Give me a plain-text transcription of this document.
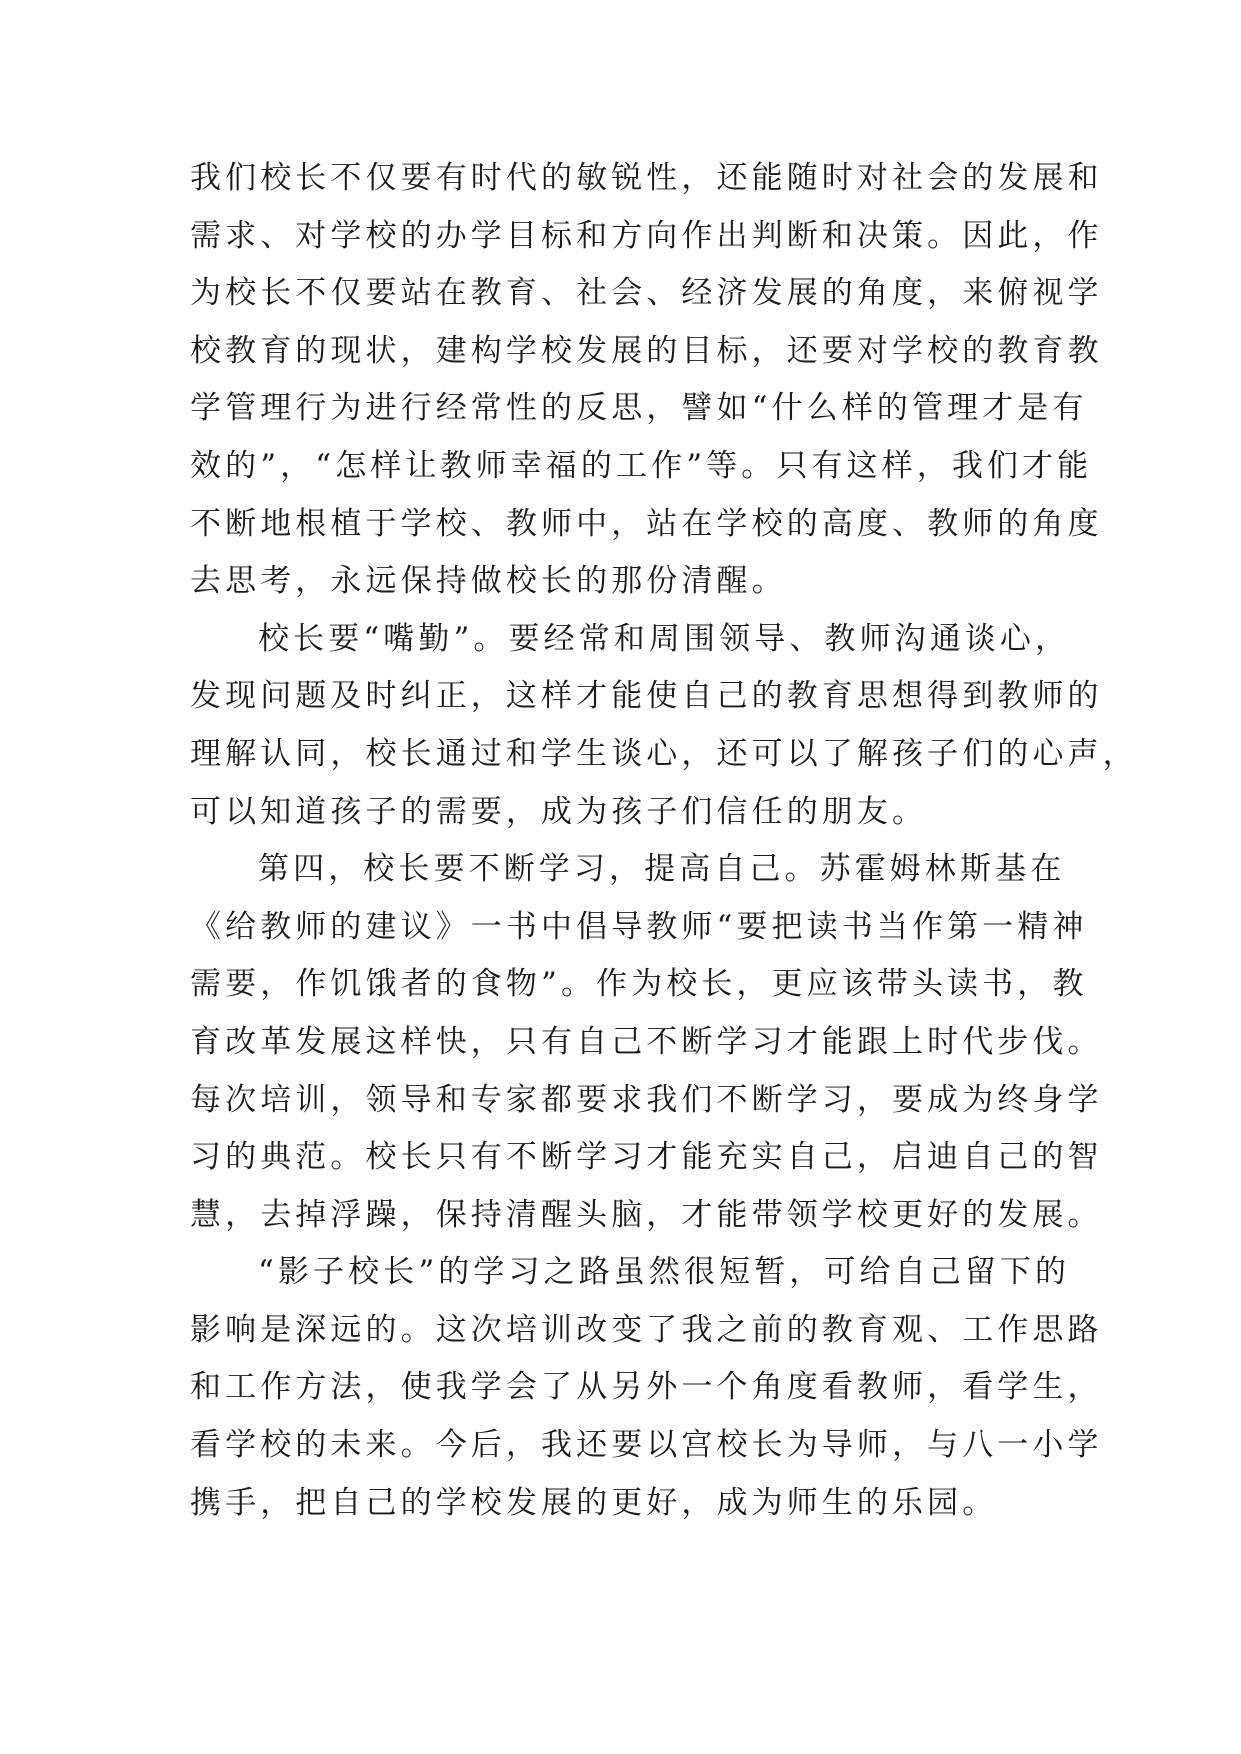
我们校长不仅要有时代的敏锐性，还能随时对社会的发展和
需求、对学校的办学目标和方向作出判断和决策。因此，作
为校长不仅要站在教育、社会、经济发展的角度，来俯视学
校教育的现状，建构学校发展的目标，还要对学校的教育教
学管理行为进行经常性的反思，譬如“什么样的管理才是有
效的”，“怎样让教师幸福的工作”等。只有这样，我们才能
不断地根植于学校、教师中，站在学校的高度、教师的角度
去思考，永远保持做校长的那份清醒。
校长要“嘴勤”。要经常和周围领导、教师沟通谈心，
发现问题及时纠正，这样才能使自己的教育思想得到教师的
理解认同，校长通过和学生谈心，还可以了解孩子们的心声，
可以知道孩子的需要，成为孩子们信任的朋友。
第四，校长要不断学习，提高自己。苏霍姆林斯基在
《给教师的建议》一书中倡导教师“要把读书当作第一精神
需要，作饥饿者的食物”。作为校长，更应该带头读书，教
育改革发展这样快，只有自己不断学习才能跟上时代步伐。
每次培训，领导和专家都要求我们不断学习，要成为终身学
习的典范。校长只有不断学习才能充实自己，启迪自己的智
慧，去掉浮躁，保持清醒头脑，才能带领学校更好的发展。
“影子校长”的学习之路虽然很短暂，可给自己留下的
影响是深远的。这次培训改变了我之前的教育观、工作思路
和工作方法，使我学会了从另外一个角度看教师，看学生，
看学校的未来。今后，我还要以宫校长为导师，与八一小学
携手，把自己的学校发展的更好，成为师生的乐园。
